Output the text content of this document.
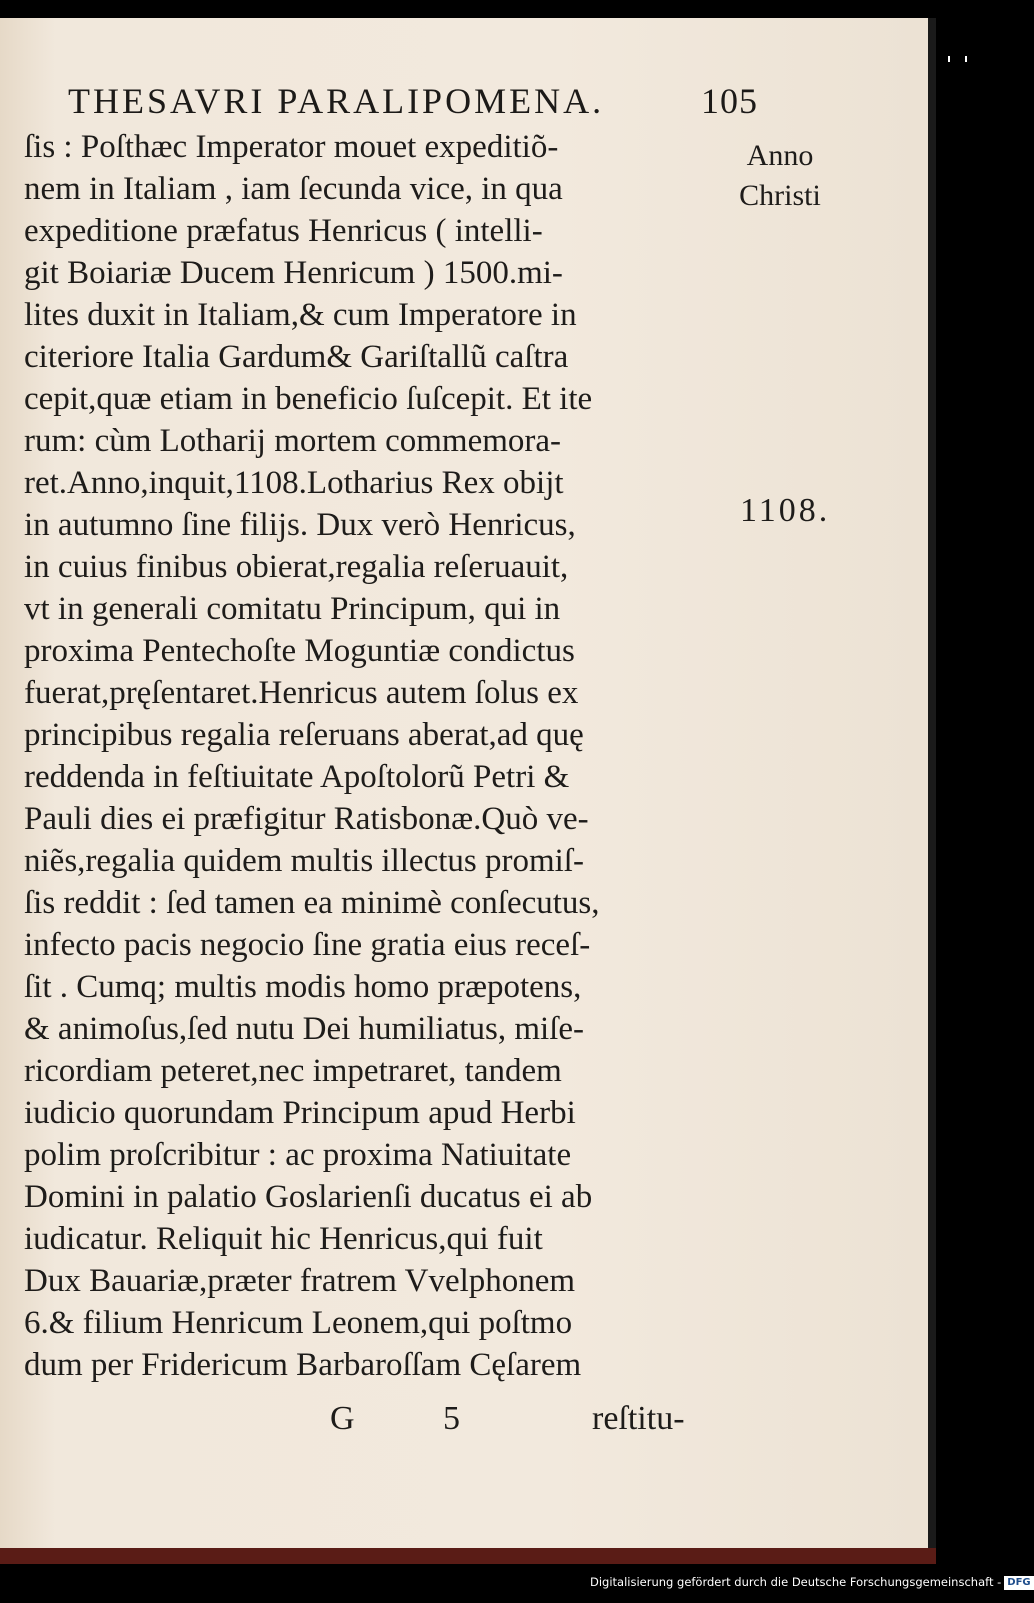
THESAVRI PARALIPOMENA.	105
ſis : Poſthæc Imperator mouet expeditiõ-
nem in Italiam , iam ſecunda vice, in qua
expeditione præfatus Henricus ( intelli-
git Boiariæ Ducem Henricum ) 1500.mi-
lites duxit in Italiam,& cum Imperatore in
citeriore Italia Gardum& Gariſtallũ caſtra
cepit,quæ etiam in beneficio ſuſcepit. Et ite
rum: cùm Lotharij mortem commemora-
ret.Anno,inquit,1108.Lotharius Rex obijt
in autumno ſine filijs. Dux verò Henricus,
in cuius finibus obierat,regalia reſeruauit,
vt in generali comitatu Principum, qui in
proxima Pentechoſte Moguntiæ condictus
fuerat,pręſentaret.Henricus autem ſolus ex
principibus regalia reſeruans aberat,ad quę
reddenda in feſtiuitate Apoſtolorũ Petri &
Pauli dies ei præfigitur Ratisbonæ.Quò ve-
niẽs,regalia quidem multis illectus promiſ-
ſis reddit : ſed tamen ea minimè conſecutus,
infecto pacis negocio ſine gratia eius receſ-
ſit . Cumq; multis modis homo præpotens,
& animoſus,ſed nutu Dei humiliatus, miſe-
ricordiam peteret,nec impetraret, tandem
iudicio quorundam Principum apud Herbi
polim proſcribitur : ac proxima Natiuitate
Domini in palatio Goslarienſi ducatus ei ab
iudicatur. Reliquit hic Henricus,qui fuit
Dux Bauariæ,præter fratrem Vvelphonem
6.& filium Henricum Leonem,qui poſtmo
dum per Fridericum Barbaroſſam Cęſarem
Anno
Christi
1108.
G 5	reſtitu-
Digitalisierung gefördert durch die Deutsche Forschungsgemeinschaft - DFG
